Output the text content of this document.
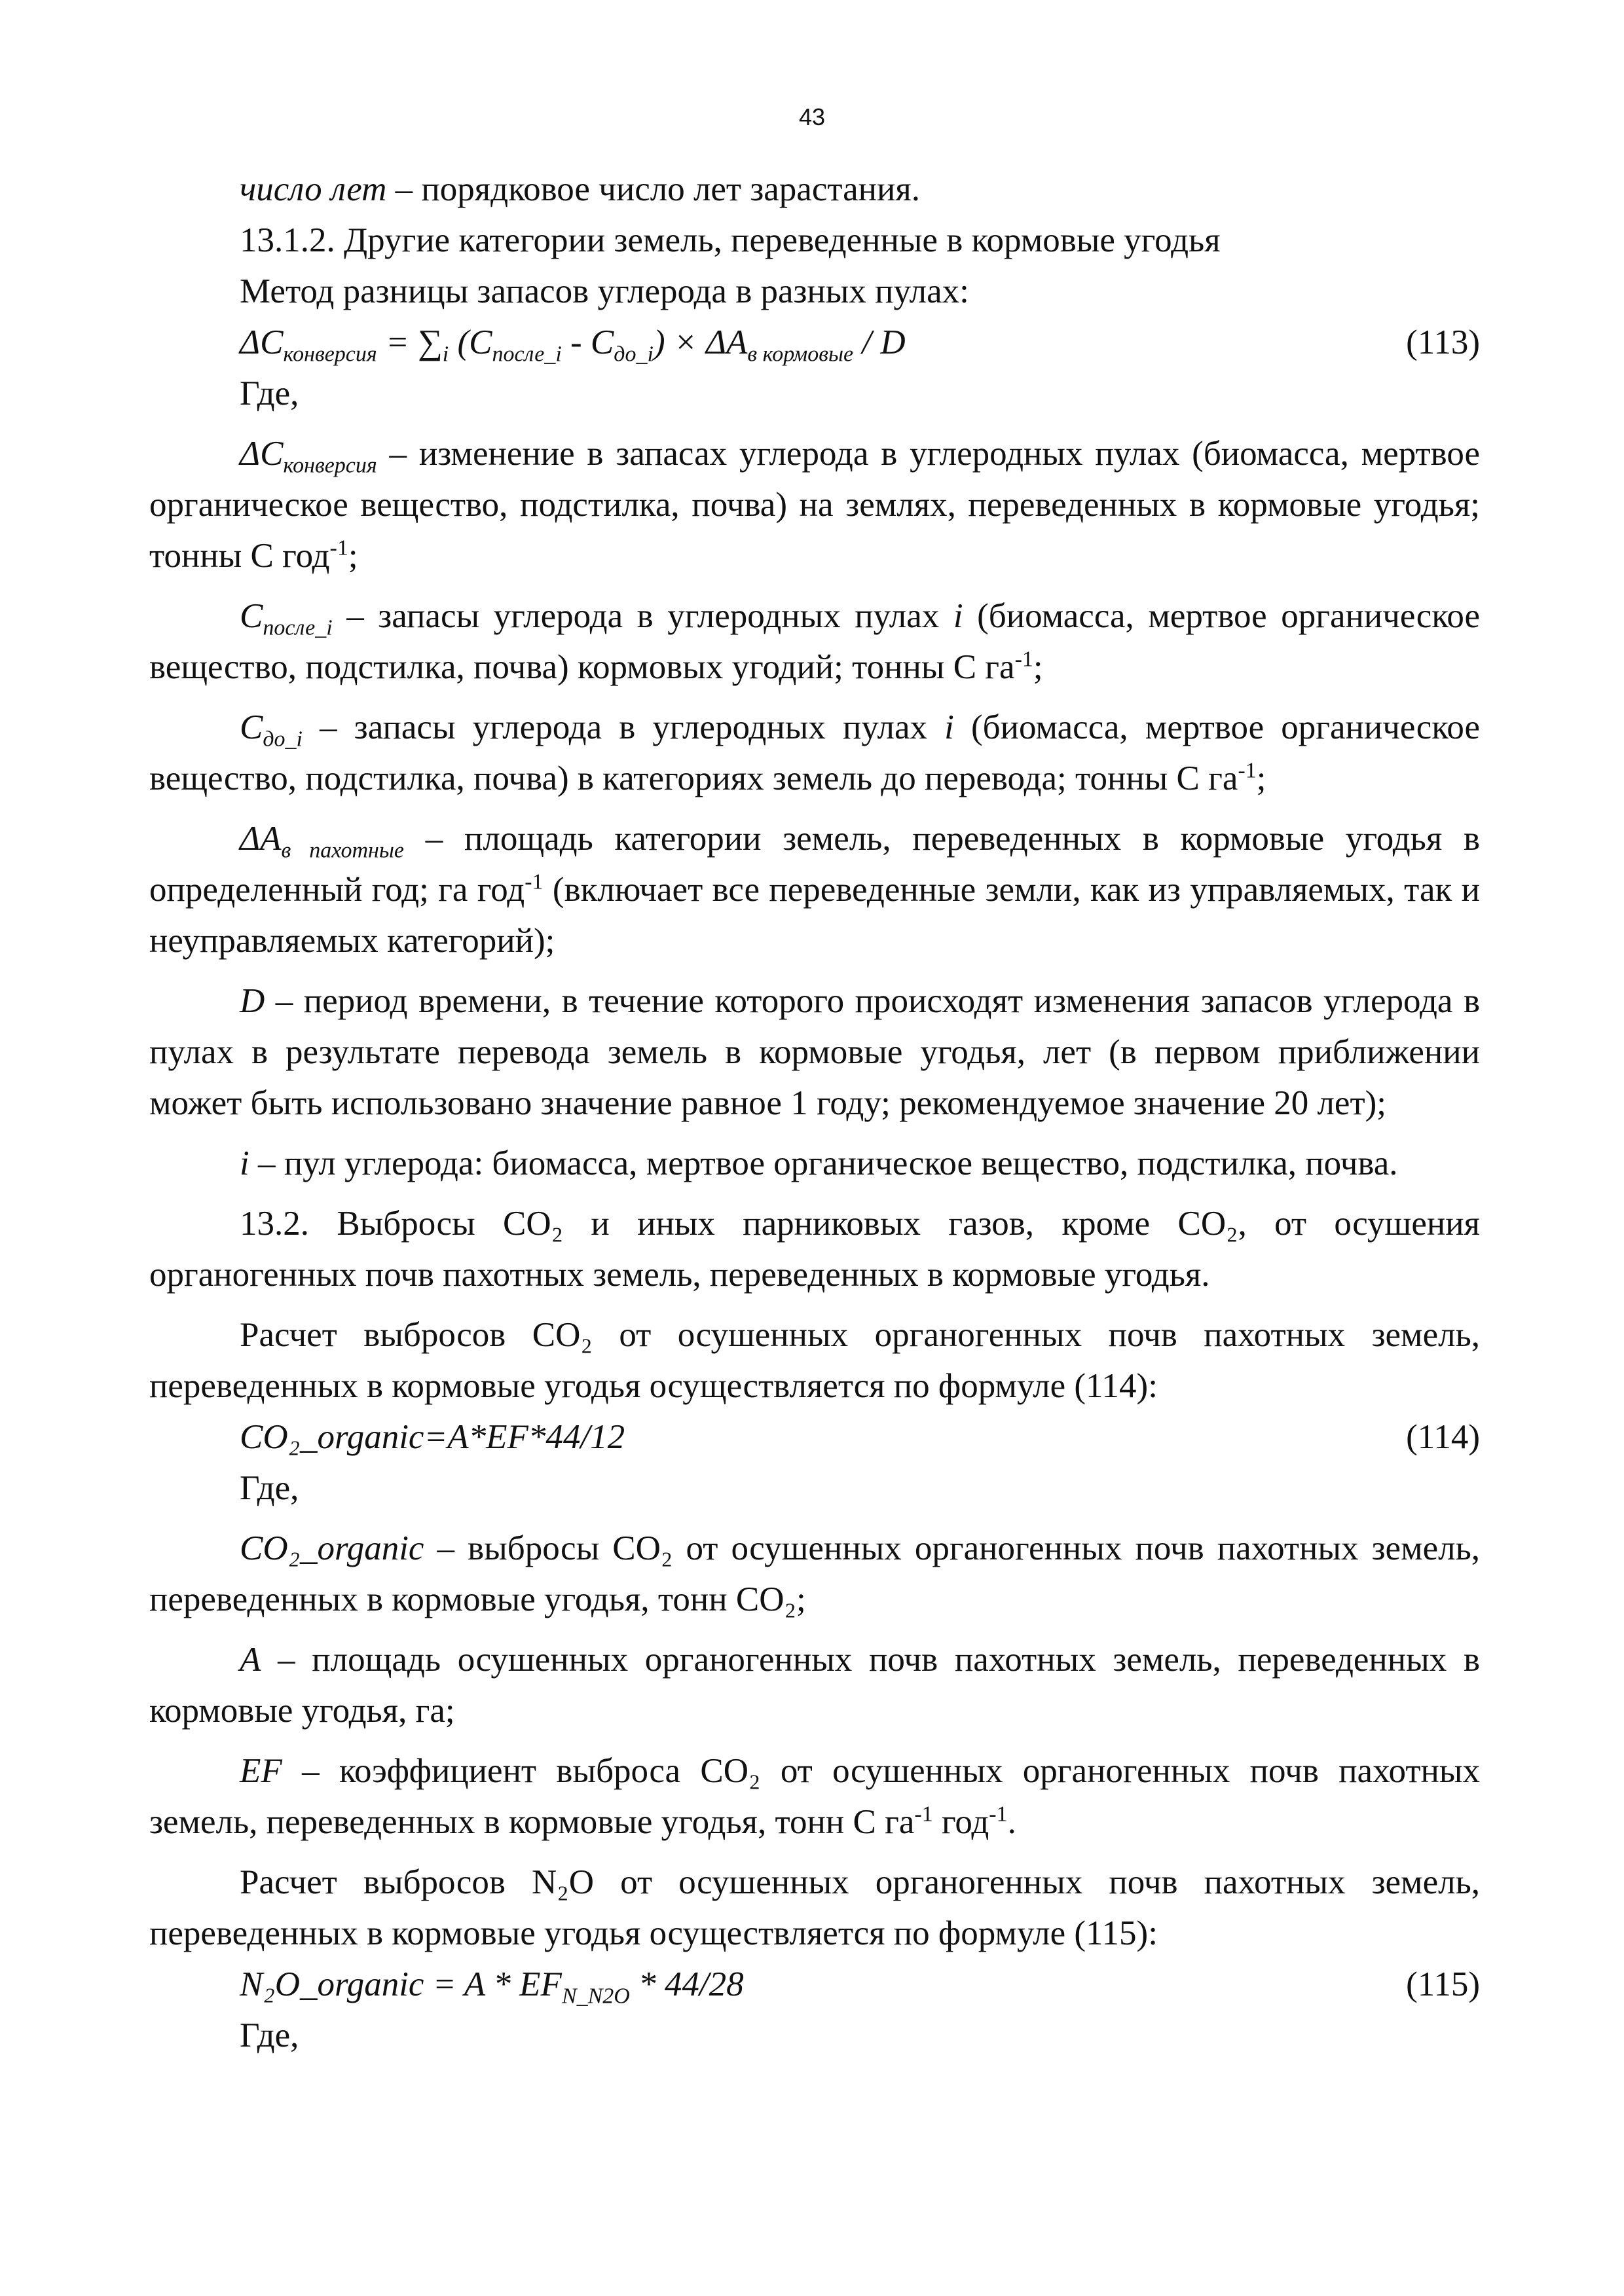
43

число лет – порядковое число лет зарастания.

13.1.2. Другие категории земель, переведенные в кормовые угодья

Метод разницы запасов углерода в разных пулах:

$\Delta C_{конверсия} = \sum_i$ $(C_{после\_i} - C_{до\_i}) \times \Delta A_{в кормовые} / D$	(113)

Где,

$\Delta C_{конверсия}$ – изменение в запасах углерода в углеродных пулах (биомасса, мертвое органическое вещество, подстилка, почва) на землях, переведенных в кормовые угодья; тонны С год$^{-1}$;

$C_{после\_i}$ – запасы углерода в углеродных пулах i (биомасса, мертвое органическое вещество, подстилка, почва) кормовых угодий; тонны С $га^{-1}$;

$C_{до\_i}$ – запасы углерода в углеродных пулах i (биомасса, мертвое органическое вещество, подстилка, почва) в категориях земель до перевода; тонны С $га^{-1}$;

$\Delta A_{в пахотные}$ – площадь категории земель, переведенных в кормовые угодья в определенный год; га год$^{-1}$ (включает все переведенные земли, как из управляемых, так и неуправляемых категорий);

D – период времени, в течение которого происходят изменения запасов углерода в пулах в результате перевода земель в кормовые угодья, лет (в первом приближении может быть использовано значение равное 1 году; рекомендуемое значение 20 лет);

i – пул углерода: биомасса, мертвое органическое вещество, подстилка, почва.

13.2. Выбросы CO₂ и иных парниковых газов, кроме CO₂, от осушения органогенных почв пахотных земель, переведенных в кормовые угодья.

Расчет выбросов CO₂ от осушенных органогенных почв пахотных земель, переведенных в кормовые угодья осуществляется по формуле (114):

CO₂_organic=A*EF*44/12	(114)

Где,

CO₂_organic – выбросы CO₂ от осушенных органогенных почв пахотных земель, переведенных в кормовые угодья, тонн CO₂;

A – площадь осушенных органогенных почв пахотных земель, переведенных в кормовые угодья, га;

EF – коэффициент выброса CO₂ от осушенных органогенных почв пахотных земель, переведенных в кормовые угодья, тонн С $га^{-1}$ год$^{-1}$.

Расчет выбросов N₂O от осушенных органогенных почв пахотных земель, переведенных в кормовые угодья осуществляется по формуле (115):

N₂O_organic = A * $EF_{N\_N2O} * 44/28$	(115)

Где,
